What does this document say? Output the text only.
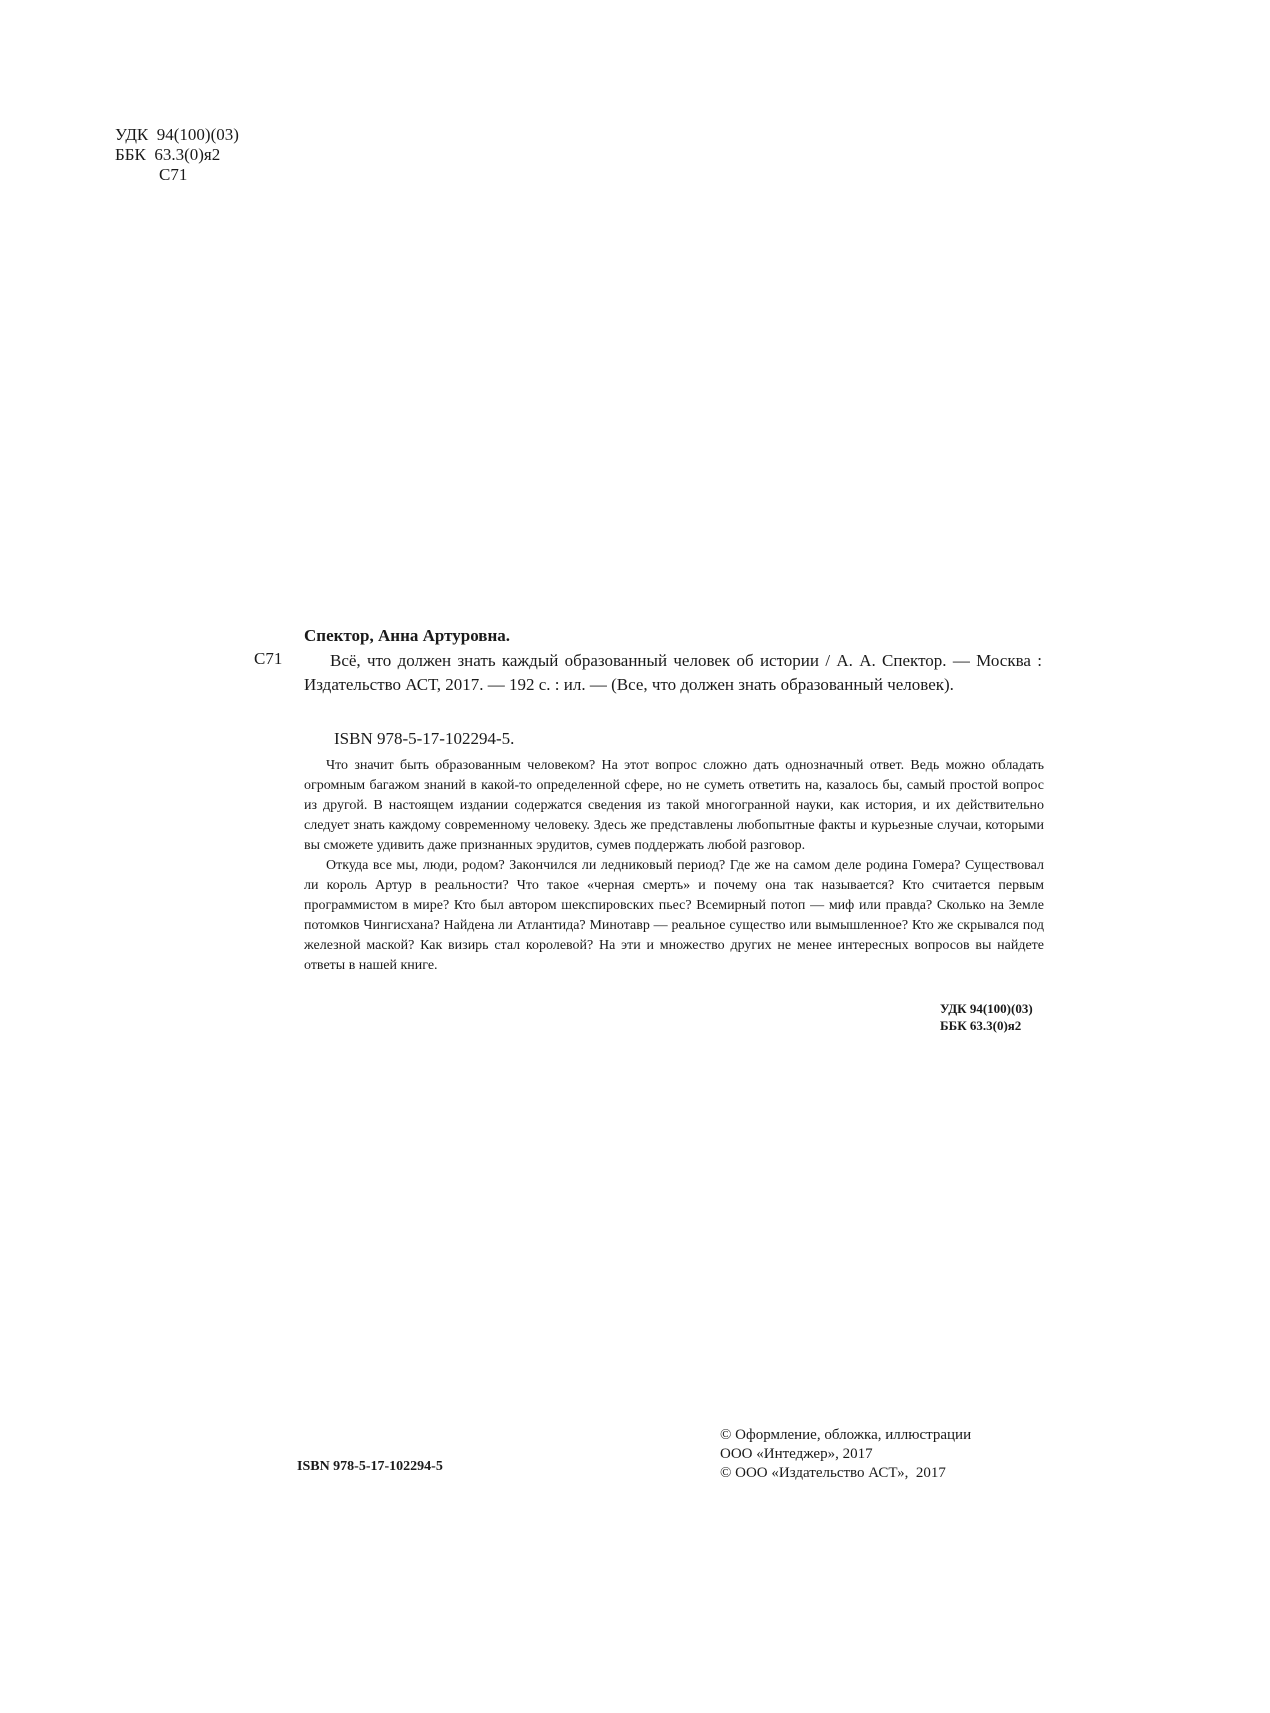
УДК  94(100)(03)
ББК  63.3(0)я2
С71
Спектор, Анна Артуровна.
С71	Всё, что должен знать каждый образованный человек об истории / А. А. Спектор. — Москва : Издательство АСТ, 2017. — 192 с. : ил. — (Все, что должен знать образованный человек).
ISBN 978-5-17-102294-5.

Что значит быть образованным человеком? На этот вопрос сложно дать однозначный ответ. Ведь можно обладать огромным багажом знаний в какой-то определенной сфере, но не суметь ответить на, казалось бы, самый простой вопрос из другой. В настоящем издании содержатся сведения из такой многогранной науки, как история, и их действительно следует знать каждому современному человеку. Здесь же представлены любопытные факты и курьезные случаи, которыми вы сможете удивить даже признанных эрудитов, сумев поддержать любой разговор.

Откуда все мы, люди, родом? Закончился ли ледниковый период? Где же на самом деле родина Гомера? Существовал ли король Артур в реальности? Что такое «черная смерть» и почему она так называется? Кто считается первым программистом в мире? Кто был автором шекспировских пьес? Всемирный потоп — миф или правда? Сколько на Земле потомков Чингисхана? Найдена ли Атлантида? Минотавр — реальное существо или вымышленное? Кто же скрывался под железной маской? Как визирь стал королевой? На эти и множество других не менее интересных вопросов вы найдете ответы в нашей книге.

УДК 94(100)(03)
ББК 63.3(0)я2
ISBN 978-5-17-102294-5
© Оформление, обложка, иллюстрации
ООО «Интеджер», 2017
© ООО «Издательство АСТ»,  2017
